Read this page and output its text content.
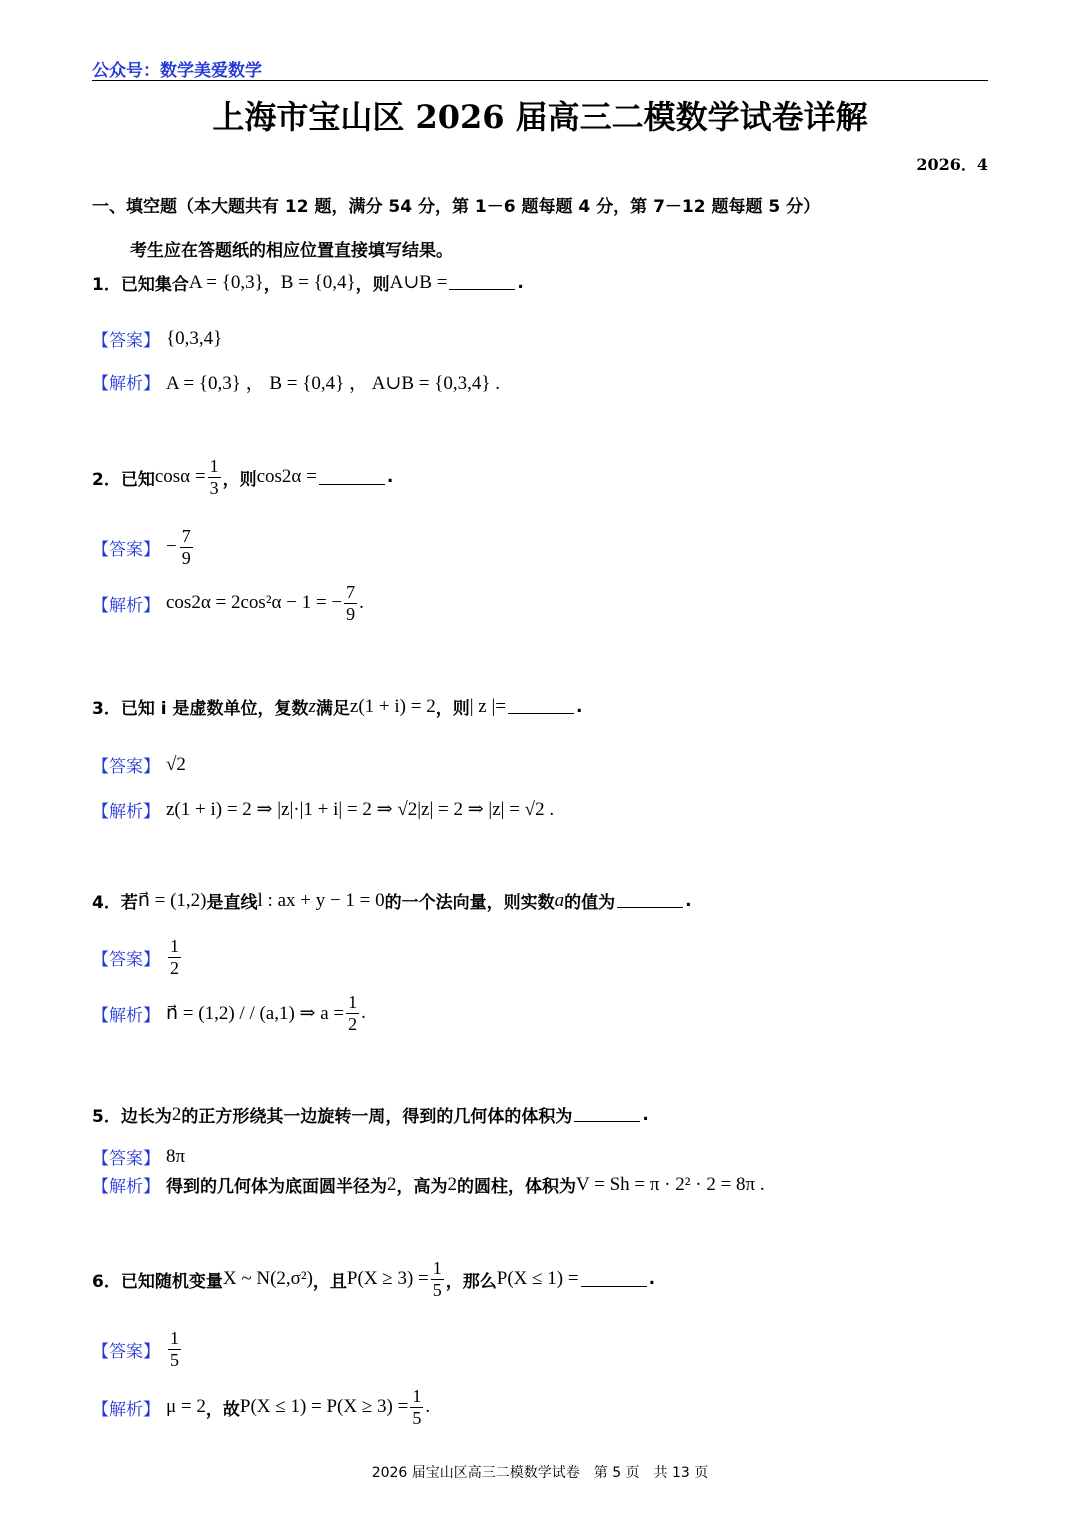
公众号：数学美爱数学
上海市宝山区 2026 届高三二模数学试卷详解
2026．4
一、填空题（本大题共有 12 题，满分 54 分，第 1－6 题每题 4 分，第 7－12 题每题 5 分）
考生应在答题纸的相应位置直接填写结果。
1．已知集合 A = {0,3} ， B = {0,4} ，则 A∪B =	.
【答案】 {0,3,4}
【解析】 A = {0,3} ， B = {0,4} ， A∪B = {0,3,4} .
2．已知 $\cos\alpha = \frac{1}{3}$ ，则 cos2α =	.
【答案】 − $\frac{7}{9}$
【解析】 cos2α = 2cos²α − 1 = − $\frac{7}{9}$ .
3．已知 i 是虚数单位，复数 z 满足 z(1 + i) = 2 ，则 | z |=	.
【答案】 √2
【解析】 z(1 + i) = 2 ⇒ |z|·|1 + i| = 2 ⇒ √2|z| = 2 ⇒ |z| = √2 .
4．若 n⃗ = (1,2) 是直线 l : ax + y − 1 = 0 的一个法向量，则实数 a 的值为	.
【答案】 $\frac{1}{2}$
【解析】 n⃗ = (1,2) / / (a,1) ⇒ $a = \frac{1}{2}$ .
5．边长为 2 的正方形绕其一边旋转一周，得到的几何体的体积为	.
【答案】 8π
【解析】 得到的几何体为底面圆半径为 2 ，高为 2 的圆柱，体积为 V = Sh = π · 2² · 2 = 8π .
6．已知随机变量 X ~ N(2,σ²) ，且 $P(X \ge 3) = \frac{1}{5}$ ，那么 P(X ≤ 1) =	.
【答案】 $\frac{1}{5}$
【解析】 μ = 2 ，故 $P(X \le 1) = P(X \ge 3) = \frac{1}{5}$ .
2026 届宝山区高三二模数学试卷　第 5 页　共 13 页
